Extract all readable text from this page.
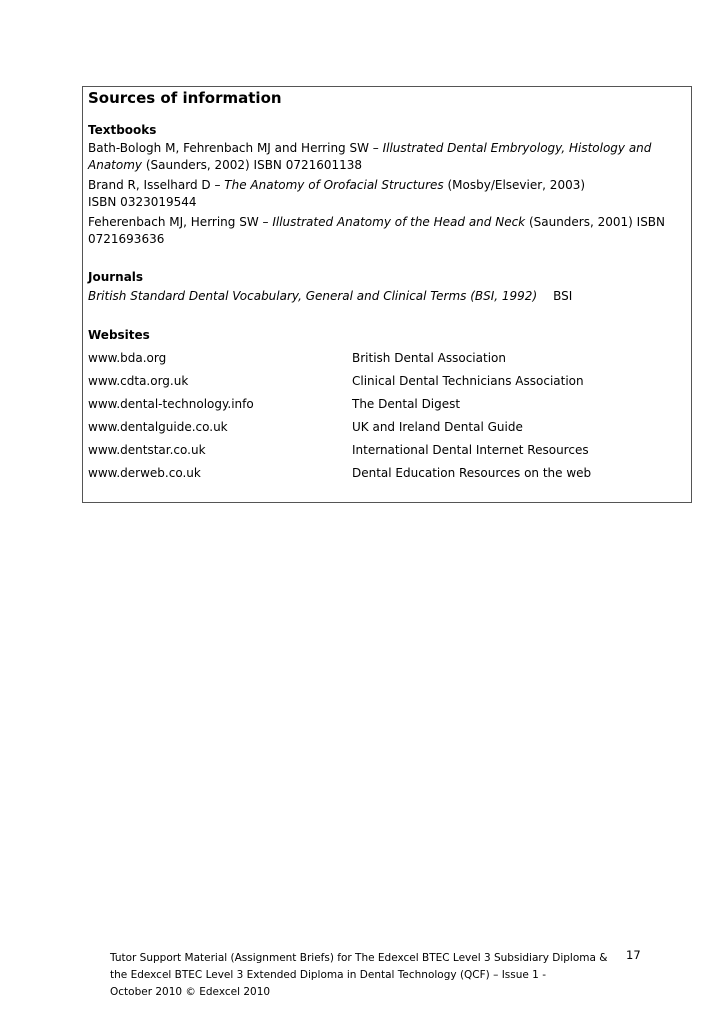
Sources of information
Textbooks
Bath-Bologh M, Fehrenbach MJ and Herring SW – Illustrated Dental Embryology, Histology and
Anatomy (Saunders, 2002) ISBN 0721601138
Brand R, Isselhard D – The Anatomy of Orofacial Structures (Mosby/Elsevier, 2003)
ISBN 0323019544
Feherenbach MJ, Herring SW – Illustrated Anatomy of the Head and Neck (Saunders, 2001) ISBN
0721693636
Journals
British Standard Dental Vocabulary, General and Clinical Terms (BSI, 1992) BSI
Websites
www.bda.org	British Dental Association
www.cdta.org.uk	Clinical Dental Technicians Association
www.dental-technology.info	The Dental Digest
www.dentalguide.co.uk	UK and Ireland Dental Guide
www.dentstar.co.uk	International Dental Internet Resources
www.derweb.co.uk	Dental Education Resources on the web
Tutor Support Material (Assignment Briefs) for The Edexcel BTEC Level 3 Subsidiary Diploma &
the Edexcel BTEC Level 3 Extended Diploma in Dental Technology (QCF) – Issue 1 -
October 2010 © Edexcel 2010
17
